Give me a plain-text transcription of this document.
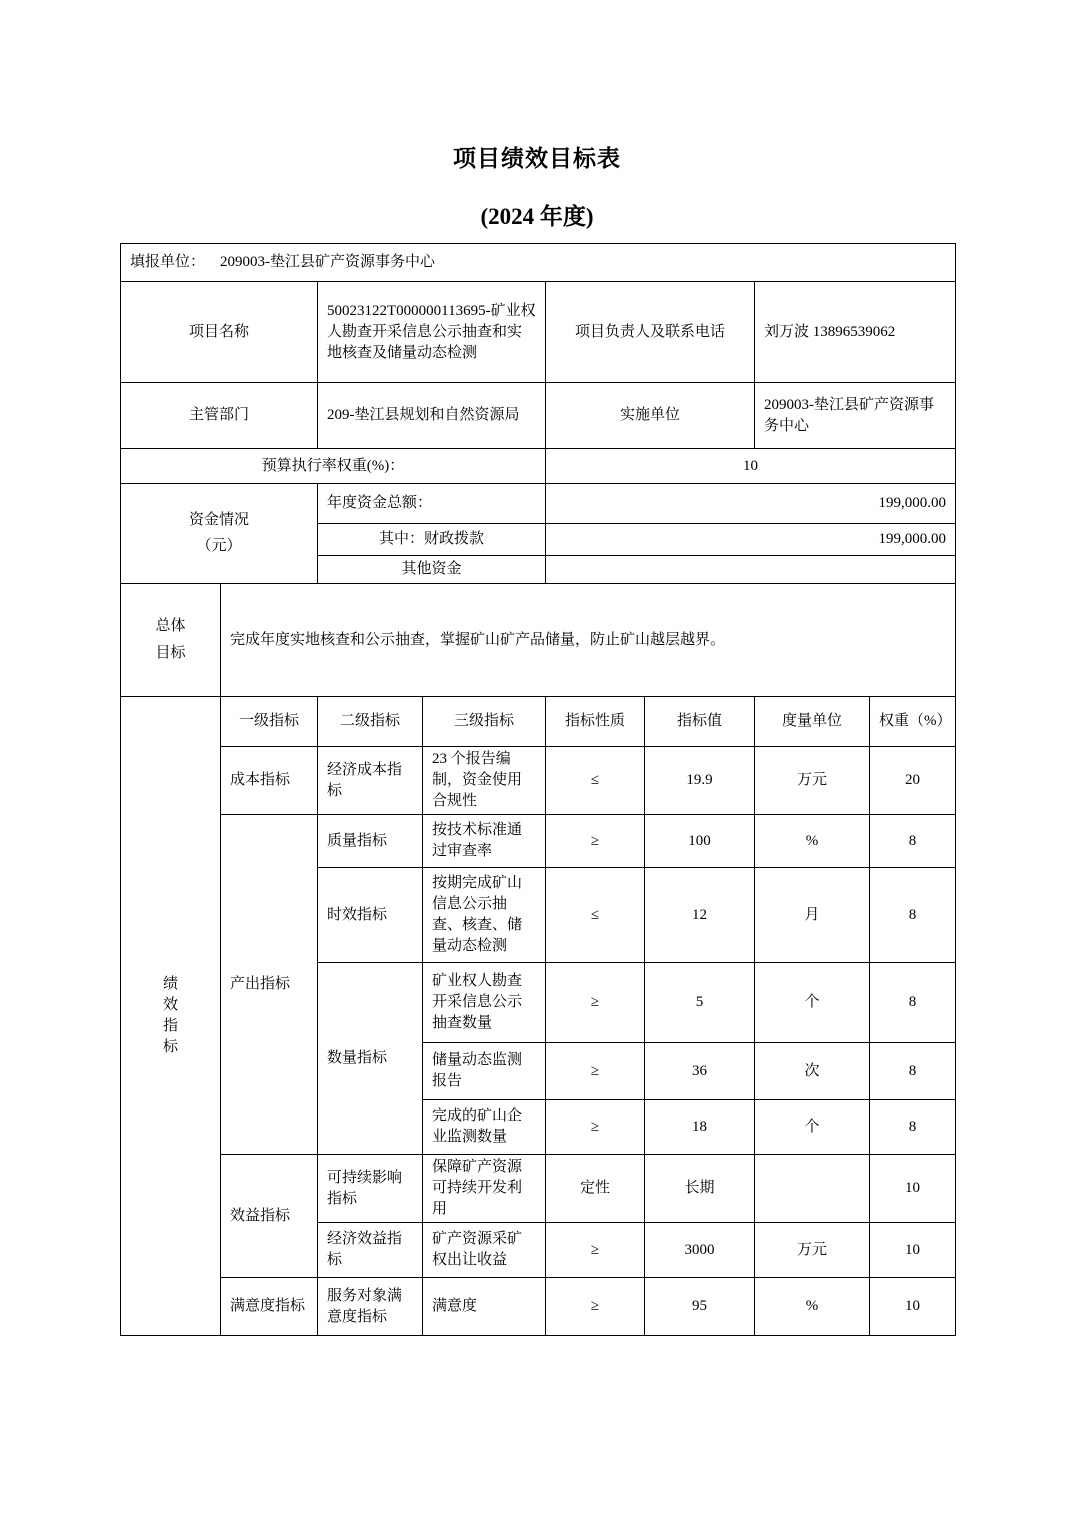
项目绩效目标表
(2024 年度)
填报单位： 209003-垫江县矿产资源事务中心							
项目名称		50023122T000000113695-矿业权人勘查开采信息公示抽查和实地核查及储量动态检测		项目负责人及联系电话		刘万波 13896539062	
主管部门		209-垫江县规划和自然资源局		实施单位		209003-垫江县矿产资源事务中心	
预算执行率权重(%)：				10			

资金情况
（元）		年度资金总额：		199,000.00			
		其中：财政拨款		199,000.00			
		其他资金					

总体
目标	完成年度实地核查和公示抽查，掌握矿山矿产品储量，防止矿山越层越界。						

绩
效
指
标	一级指标	二级指标	三级指标	指标性质	指标值	度量单位	权重（%）
	成本指标	经济成本指标	23 个报告编制，资金使用合规性	≤	19.9	万元	20
	产出指标	质量指标	按技术标准通过审查率	≥	100	%	8
		时效指标	按期完成矿山信息公示抽查、核查、储量动态检测	≤	12	月	8
		数量指标	矿业权人勘查开采信息公示抽查数量	≥	5	个	8
			储量动态监测报告	≥	36	次	8
			完成的矿山企业监测数量	≥	18	个	8
	效益指标	可持续影响指标	保障矿产资源可持续开发利用	定性	长期		10
		经济效益指标	矿产资源采矿权出让收益	≥	3000	万元	10
	满意度指标	服务对象满意度指标	满意度	≥	95	%	10
